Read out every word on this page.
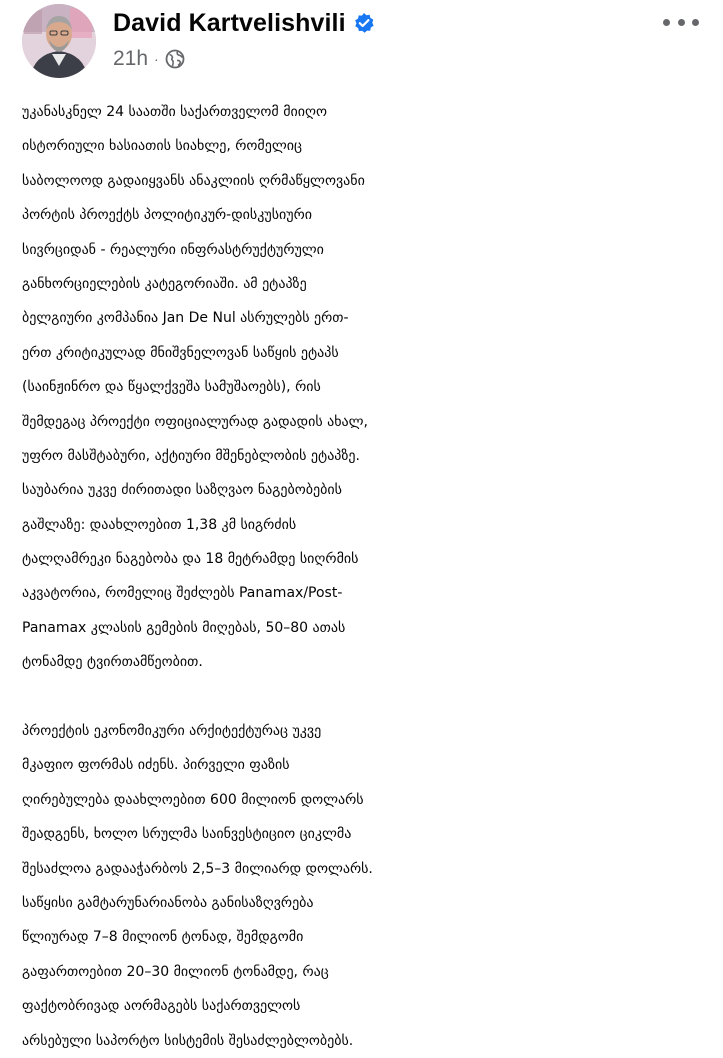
David Kartvelishvili
21h ·
უკანასკნელ 24 საათში საქართველომ მიიღო
ისტორიული ხასიათის სიახლე, რომელიც
საბოლოოდ გადაიყვანს ანაკლიის ღრმაწყლოვანი
პორტის პროექტს პოლიტიკურ-დისკუსიური
სივრციდან - რეალური ინფრასტრუქტურული
განხორციელების კატეგორიაში. ამ ეტაპზე
ბელგიური კომპანია Jan De Nul ასრულებს ერთ-
ერთ კრიტიკულად მნიშვნელოვან საწყის ეტაპს
(საინჟინრო და წყალქვეშა სამუშაოებს), რის
შემდეგაც პროექტი ოფიციალურად გადადის ახალ,
უფრო მასშტაბური, აქტიური მშენებლობის ეტაპზე.
საუბარია უკვე ძირითადი საზღვაო ნაგებობების
გაშლაზე: დაახლოებით 1,38 კმ სიგრძის
ტალღამრეკი ნაგებობა და 18 მეტრამდე სიღრმის
აკვატორია, რომელიც შეძლებს Panamax/Post-
Panamax კლასის გემების მიღებას, 50–80 ათას
ტონამდე ტვირთამწეობით.
პროექტის ეკონომიკური არქიტექტურაც უკვე
მკაფიო ფორმას იძენს. პირველი ფაზის
ღირებულება დაახლოებით 600 მილიონ დოლარს
შეადგენს, ხოლო სრულმა საინვესტიციო ციკლმა
შესაძლოა გადააჭარბოს 2,5–3 მილიარდ დოლარს.
საწყისი გამტარუნარიანობა განისაზღვრება
წლიურად 7–8 მილიონ ტონად, შემდგომი
გაფართოებით 20–30 მილიონ ტონამდე, რაც
ფაქტობრივად აორმაგებს საქართველოს
არსებული საპორტო სისტემის შესაძლებლობებს.
